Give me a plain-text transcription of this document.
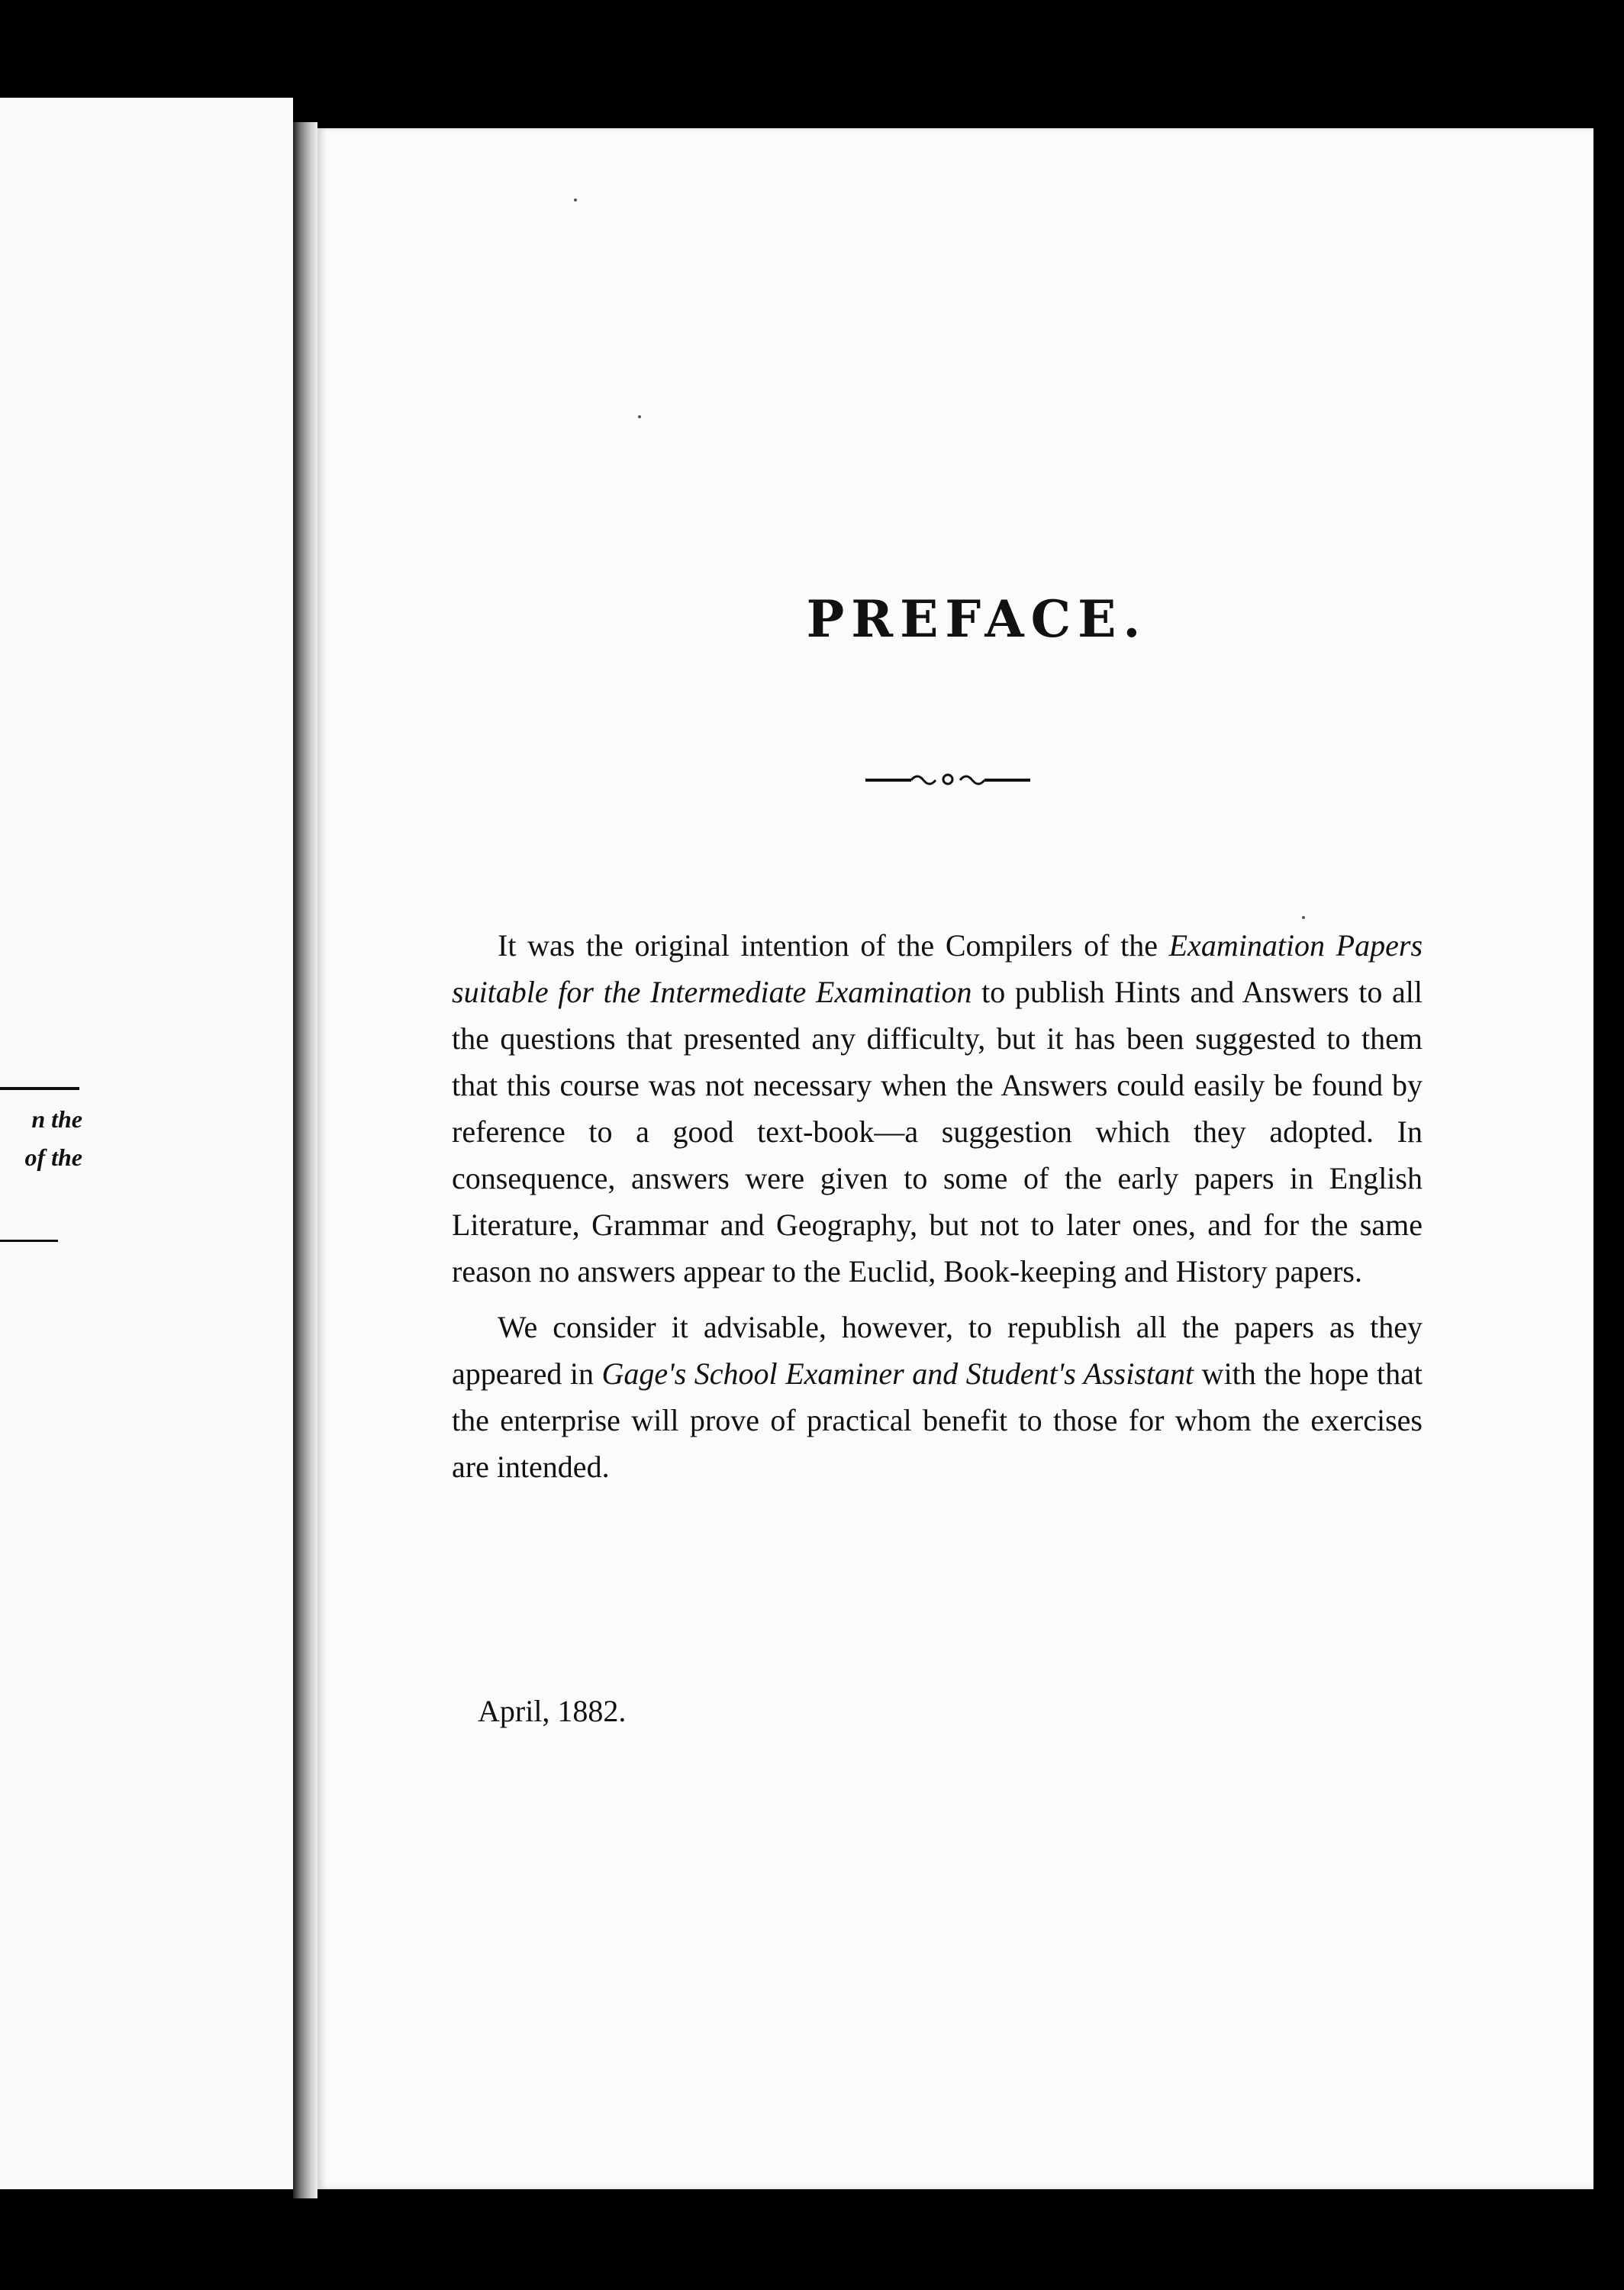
n the
of the
PREFACE.

It was the original intention of the Compilers of the Examination Papers suitable for the Intermediate Examination to publish Hints and Answers to all the questions that presented any difficulty, but it has been suggested to them that this course was not necessary when the Answers could easily be found by reference to a good text-book—a suggestion which they adopted. In consequence, answers were given to some of the early papers in English Literature, Grammar and Geography, but not to later ones, and for the same reason no answers appear to the Euclid, Book-keeping and History papers.

We consider it advisable, however, to republish all the papers as they appeared in Gage's School Examiner and Student's Assistant with the hope that the enterprise will prove of practical benefit to those for whom the exercises are intended.

April, 1882.
